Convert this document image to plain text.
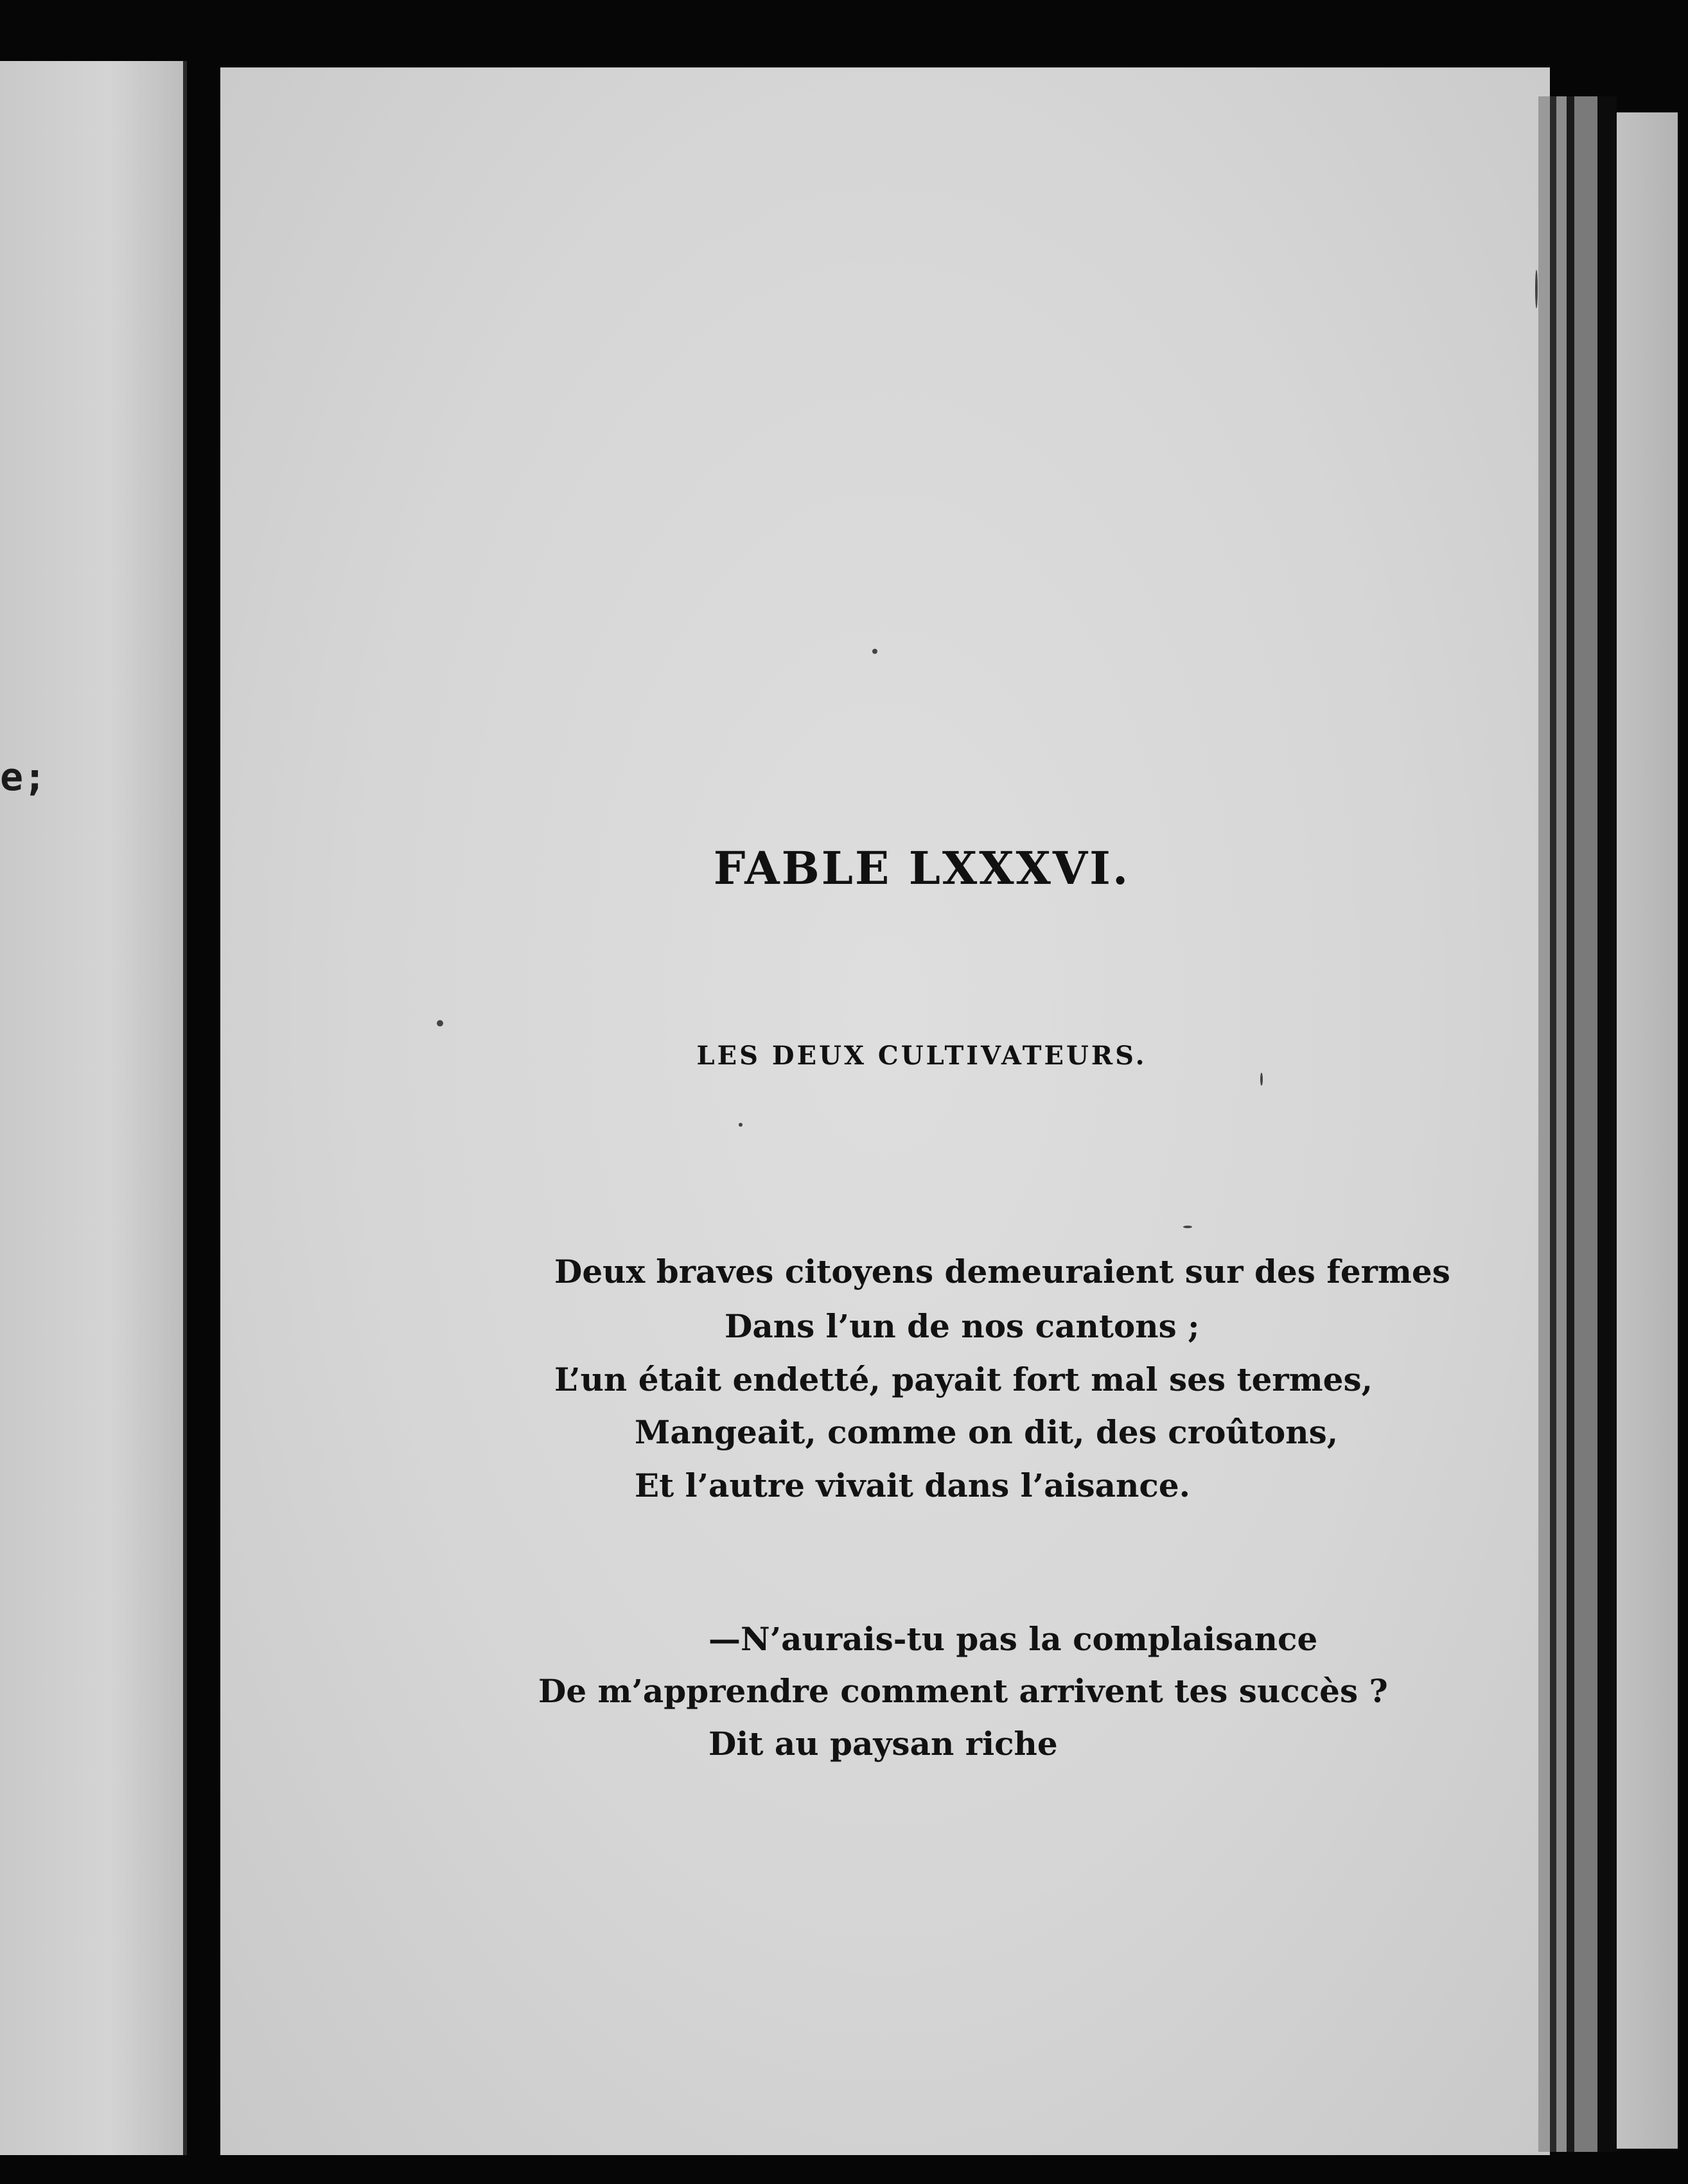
e;
FABLE LXXXVI.
LES DEUX CULTIVATEURS.
Deux braves citoyens demeuraient sur des fermes
Dans l’un de nos cantons ;
L’un était endetté, payait fort mal ses termes,
Mangeait, comme on dit, des croûtons,
Et l’autre vivait dans l’aisance.
—N’aurais-tu pas la complaisance
De m’apprendre comment arrivent tes succès ?
Dit au paysan riche
